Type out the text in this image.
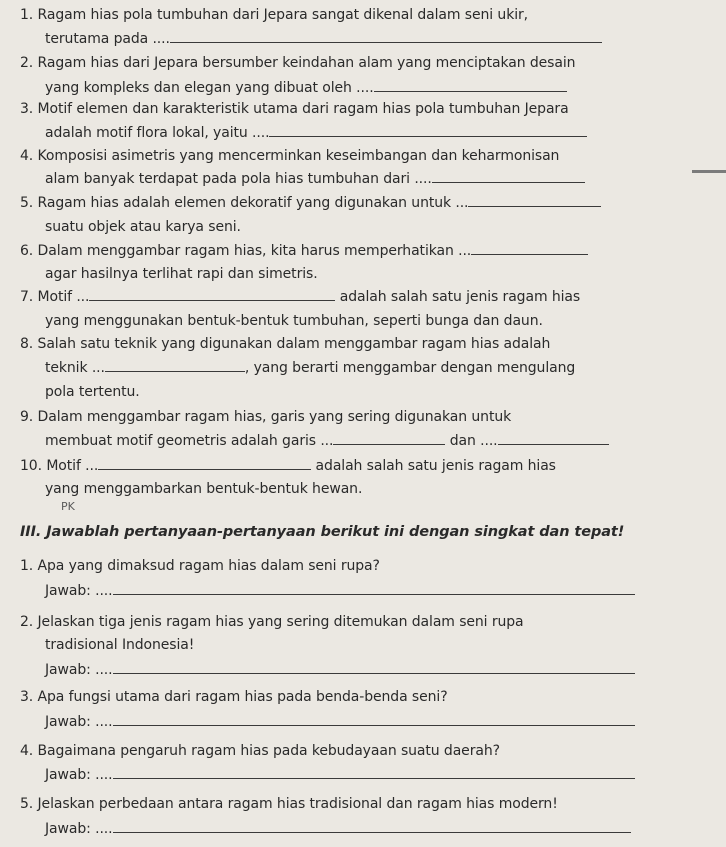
1. Ragam hias pola tumbuhan dari Jepara sangat dikenal dalam seni ukir,
terutama pada ....
2. Ragam hias dari Jepara bersumber keindahan alam yang menciptakan desain
yang kompleks dan elegan yang dibuat oleh ....
3. Motif elemen dan karakteristik utama dari ragam hias pola tumbuhan Jepara
adalah motif flora lokal, yaitu ....
4. Komposisi asimetris yang mencerminkan keseimbangan dan keharmonisan
alam banyak terdapat pada pola hias tumbuhan dari ....
5. Ragam hias adalah elemen dekoratif yang digunakan untuk ...
suatu objek atau karya seni.
6. Dalam menggambar ragam hias, kita harus memperhatikan ...
agar hasilnya terlihat rapi dan simetris.
7. Motif ...	adalah salah satu jenis ragam hias
yang menggunakan bentuk-bentuk tumbuhan, seperti bunga dan daun.
8. Salah satu teknik yang digunakan dalam menggambar ragam hias adalah
teknik ...	, yang berarti menggambar dengan mengulang
pola tertentu.
9. Dalam menggambar ragam hias, garis yang sering digunakan untuk
membuat motif geometris adalah garis ...	dan ....
10. Motif ...	adalah salah satu jenis ragam hias
yang menggambarkan bentuk-bentuk hewan.
PK
III. Jawablah pertanyaan-pertanyaan berikut ini dengan singkat dan tepat!
1. Apa yang dimaksud ragam hias dalam seni rupa?
Jawab: ....
2. Jelaskan tiga jenis ragam hias yang sering ditemukan dalam seni rupa
tradisional Indonesia!
Jawab: ....
3. Apa fungsi utama dari ragam hias pada benda-benda seni?
Jawab: ....
4. Bagaimana pengaruh ragam hias pada kebudayaan suatu daerah?
Jawab: ....
5. Jelaskan perbedaan antara ragam hias tradisional dan ragam hias modern!
Jawab: ....
